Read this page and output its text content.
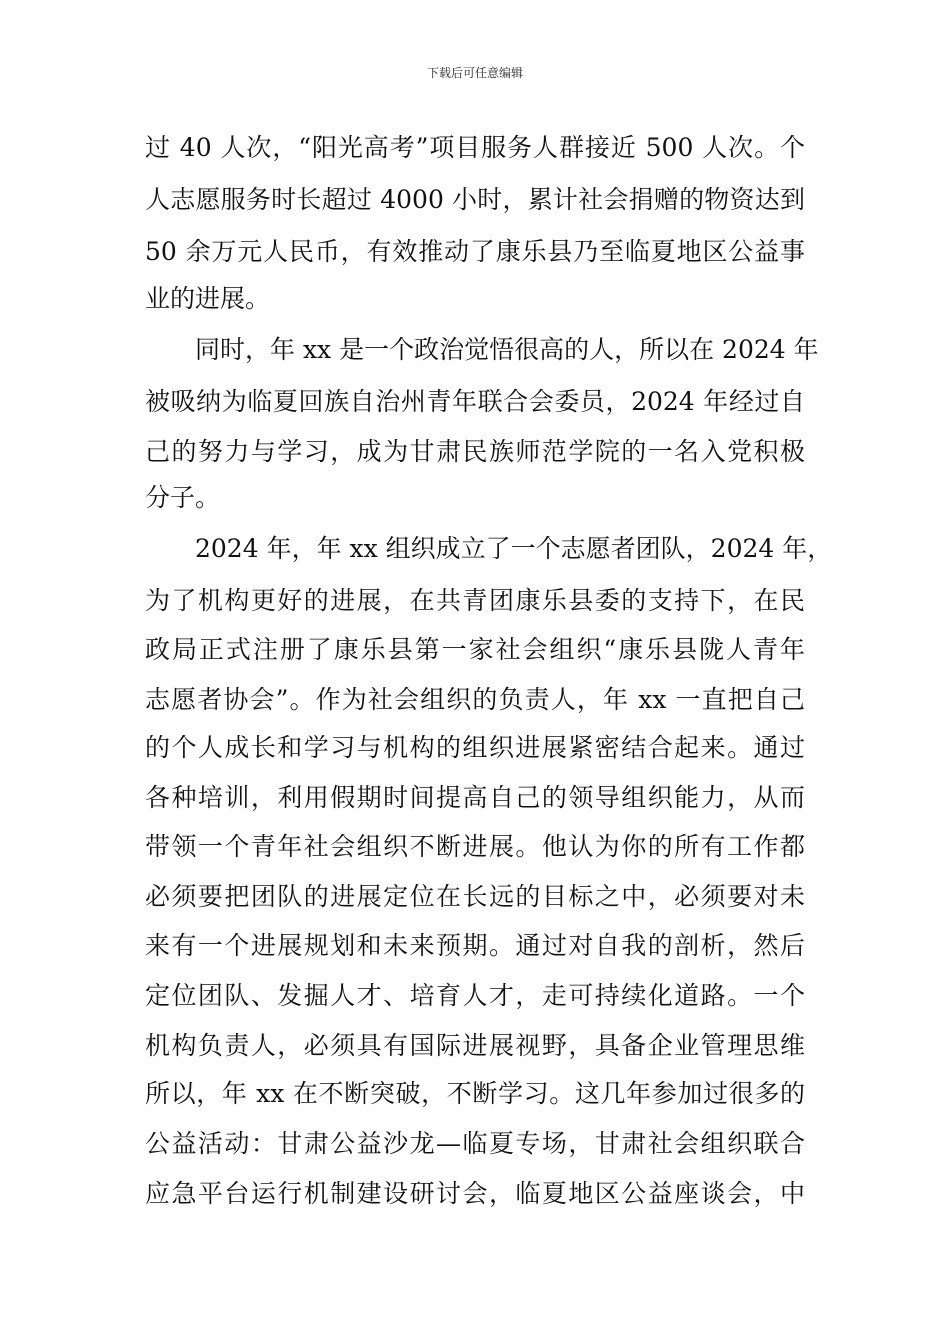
下载后可任意编辑
过 40 人次，“阳光高考”项目服务人群接近 500 人次。个
人志愿服务时长超过 4000 小时，累计社会捐赠的物资达到
50 余万元人民币，有效推动了康乐县乃至临夏地区公益事
业的进展。
同时，年 xx 是一个政治觉悟很高的人，所以在 2024 年
被吸纳为临夏回族自治州青年联合会委员，2024 年经过自
己的努力与学习，成为甘肃民族师范学院的一名入党积极
分子。
2024 年，年 xx 组织成立了一个志愿者团队，2024 年，
为了机构更好的进展，在共青团康乐县委的支持下，在民
政局正式注册了康乐县第一家社会组织“康乐县陇人青年
志愿者协会”。作为社会组织的负责人，年 xx 一直把自己
的个人成长和学习与机构的组织进展紧密结合起来。通过
各种培训，利用假期时间提高自己的领导组织能力，从而
带领一个青年社会组织不断进展。他认为你的所有工作都
必须要把团队的进展定位在长远的目标之中，必须要对未
来有一个进展规划和未来预期。通过对自我的剖析，然后
定位团队、发掘人才、培育人才，走可持续化道路。一个
机构负责人，必须具有国际进展视野，具备企业管理思维
所以，年 xx 在不断突破，不断学习。这几年参加过很多的
公益活动：甘肃公益沙龙—临夏专场，甘肃社会组织联合
应急平台运行机制建设研讨会，临夏地区公益座谈会，中
